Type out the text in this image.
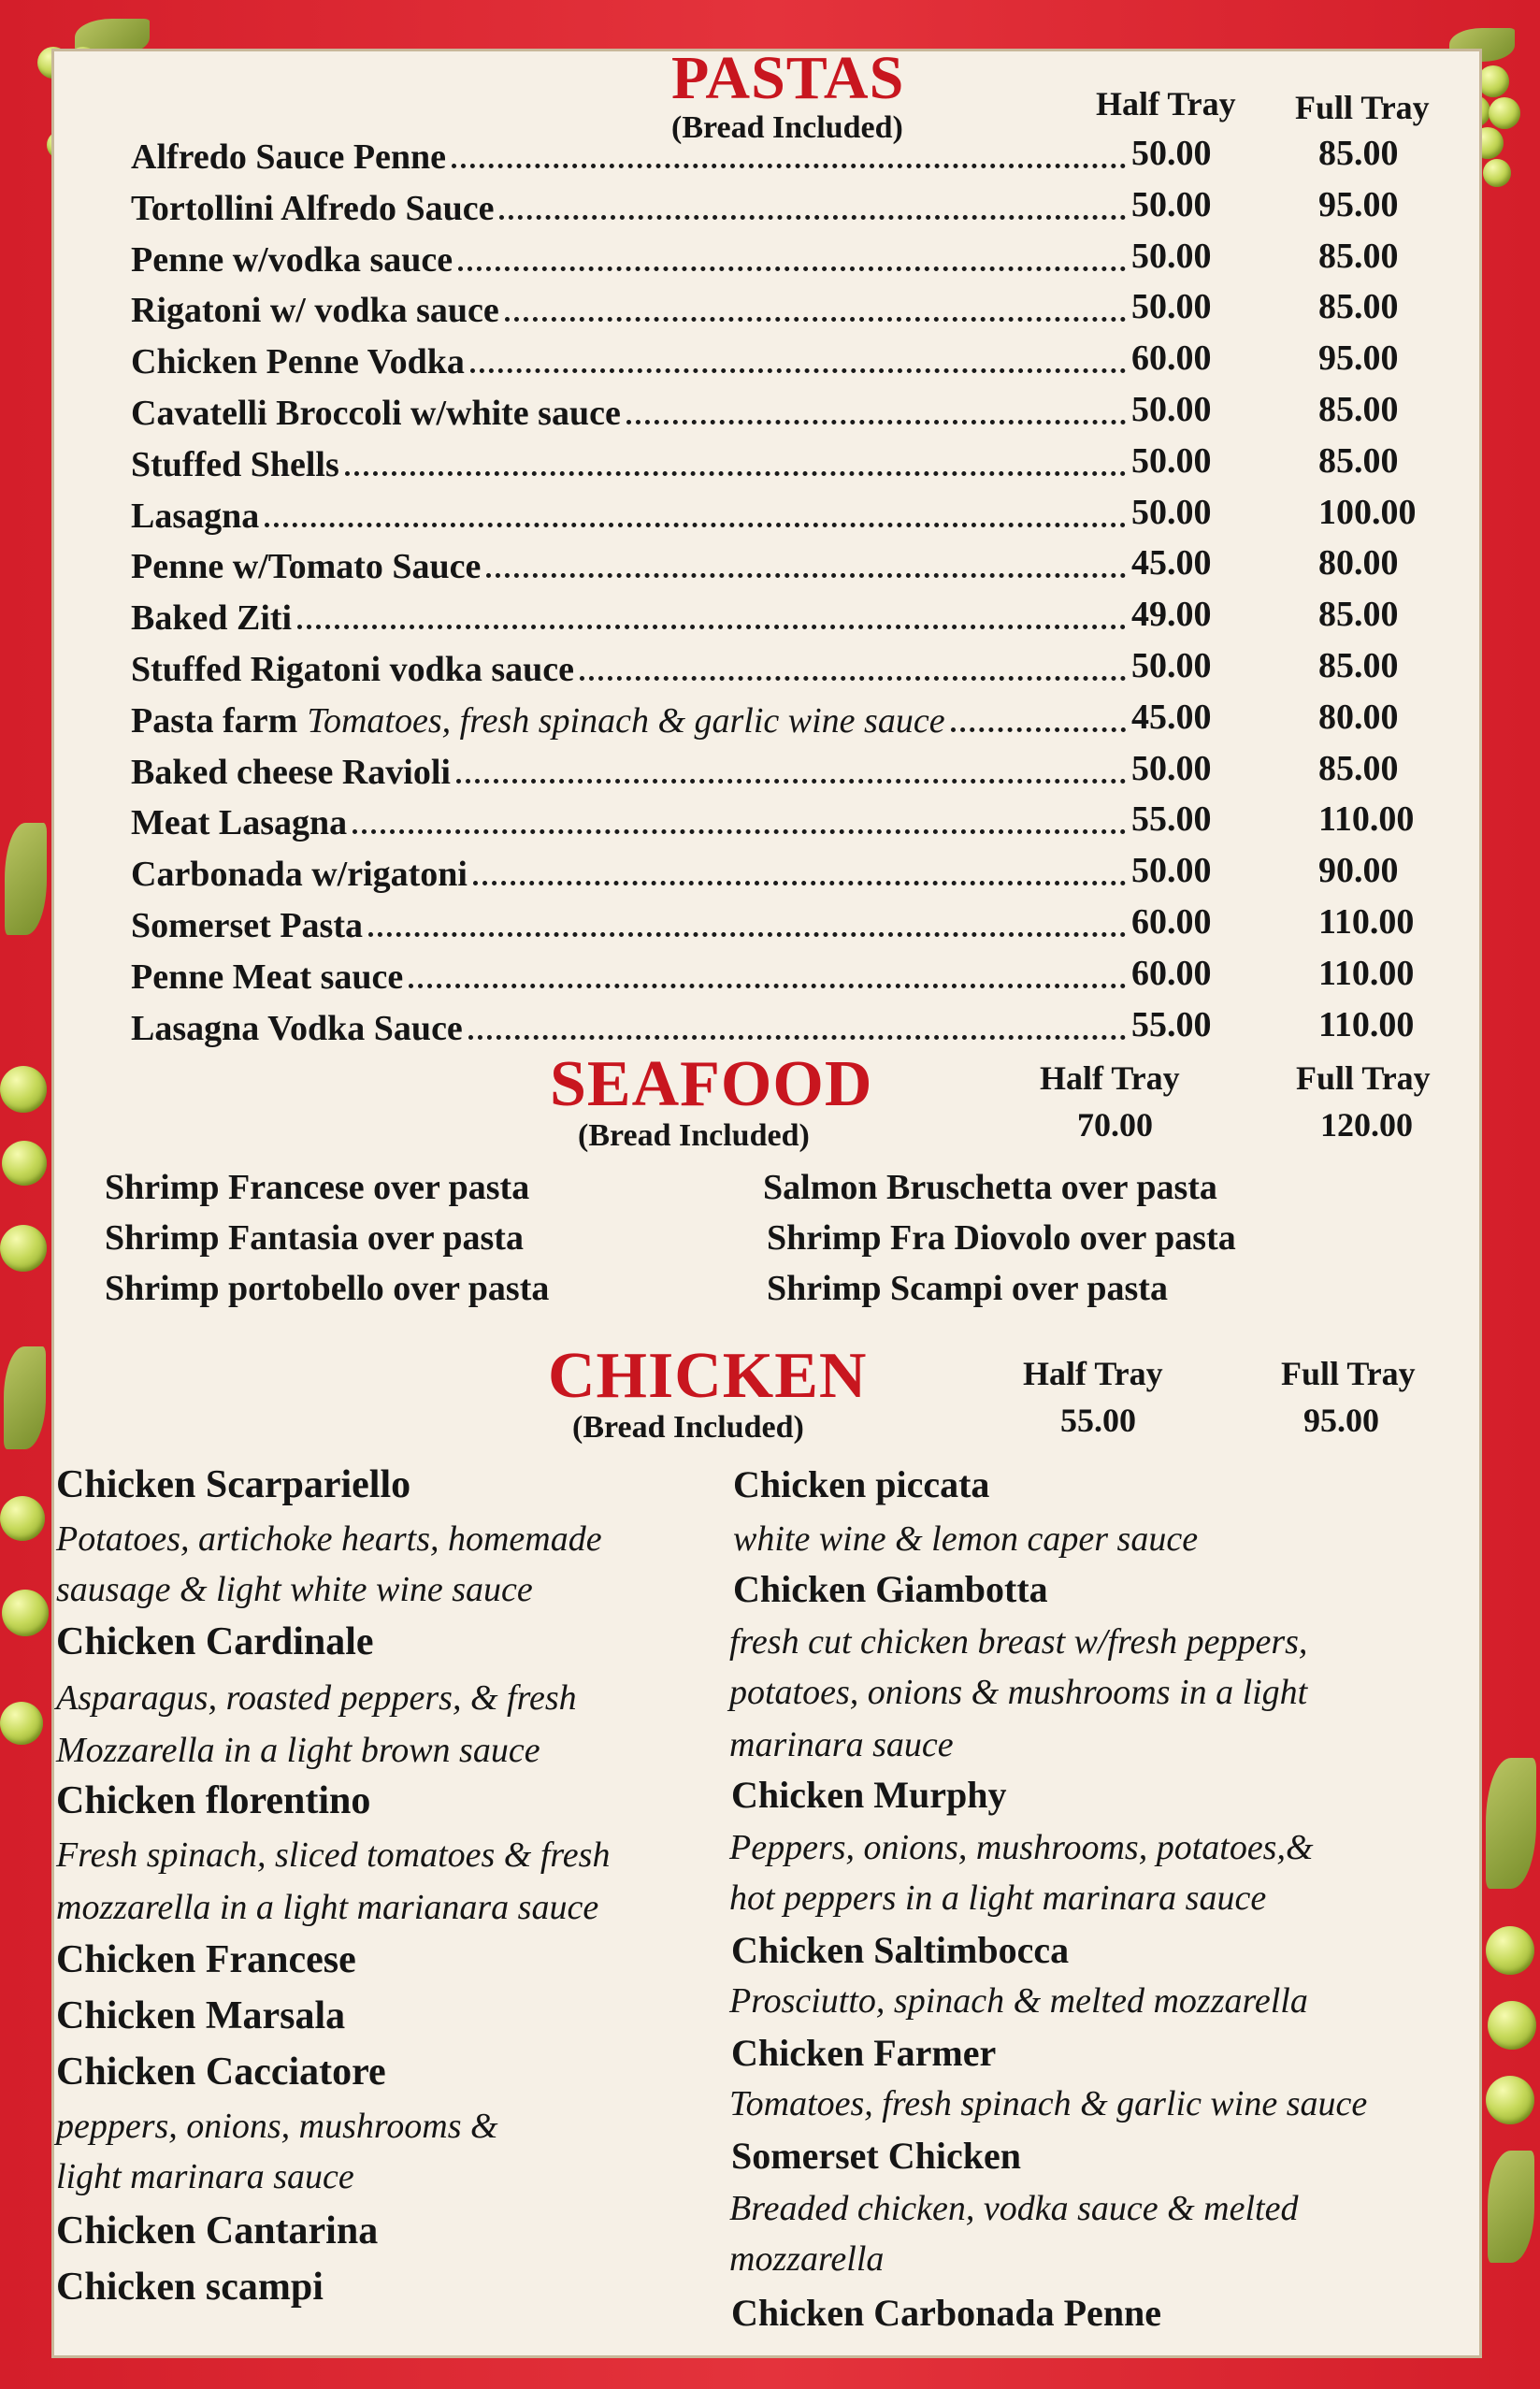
PASTAS
(Bread Included)
Half Tray Full Tray
Alfredo Sauce Penne	50.00	85.00
Tortollini Alfredo Sauce	50.00	95.00
Penne w/vodka sauce	50.00	85.00
Rigatoni w/ vodka sauce	50.00	85.00
Chicken Penne Vodka	60.00	95.00
Cavatelli Broccoli w/white sauce	50.00	85.00
Stuffed Shells	50.00	85.00
Lasagna	50.00	100.00
Penne w/Tomato Sauce	45.00	80.00
Baked Ziti	49.00	85.00
Stuffed Rigatoni vodka sauce	50.00	85.00
Pasta farm Tomatoes, fresh spinach & garlic wine sauce	45.00	80.00
Baked cheese Ravioli	50.00	85.00
Meat Lasagna	55.00	110.00
Carbonada w/rigatoni	50.00	90.00
Somerset Pasta	60.00	110.00
Penne Meat sauce	60.00	110.00
Lasagna Vodka Sauce	55.00	110.00
SEAFOOD
(Bread Included)
Half Tray	Full Tray
70.00	120.00
Shrimp Francese over pasta
Shrimp Fantasia over pasta
Shrimp portobello over pasta
Salmon Bruschetta over pasta
Shrimp Fra Diovolo over pasta
Shrimp Scampi over pasta
CHICKEN
(Bread Included)
Half Tray	Full Tray
55.00	95.00
Chicken Scarpariello
Potatoes, artichoke hearts, homemade
sausage & light white wine sauce
Chicken Cardinale
Asparagus, roasted peppers, & fresh
Mozzarella in a light brown sauce
Chicken florentino
Fresh spinach, sliced tomatoes & fresh
mozzarella in a light marianara sauce
Chicken Francese
Chicken Marsala
Chicken Cacciatore
peppers, onions, mushrooms &
light marinara sauce
Chicken Cantarina
Chicken scampi
Chicken piccata
white wine & lemon caper sauce
Chicken Giambotta
fresh cut chicken breast w/fresh peppers,
potatoes, onions & mushrooms in a light
marinara sauce
Chicken Murphy
Peppers, onions, mushrooms, potatoes,&
hot peppers in a light marinara sauce
Chicken Saltimbocca
Prosciutto, spinach & melted mozzarella
Chicken Farmer
Tomatoes, fresh spinach & garlic wine sauce
Somerset Chicken
Breaded chicken, vodka sauce & melted
mozzarella
Chicken Carbonada Penne
